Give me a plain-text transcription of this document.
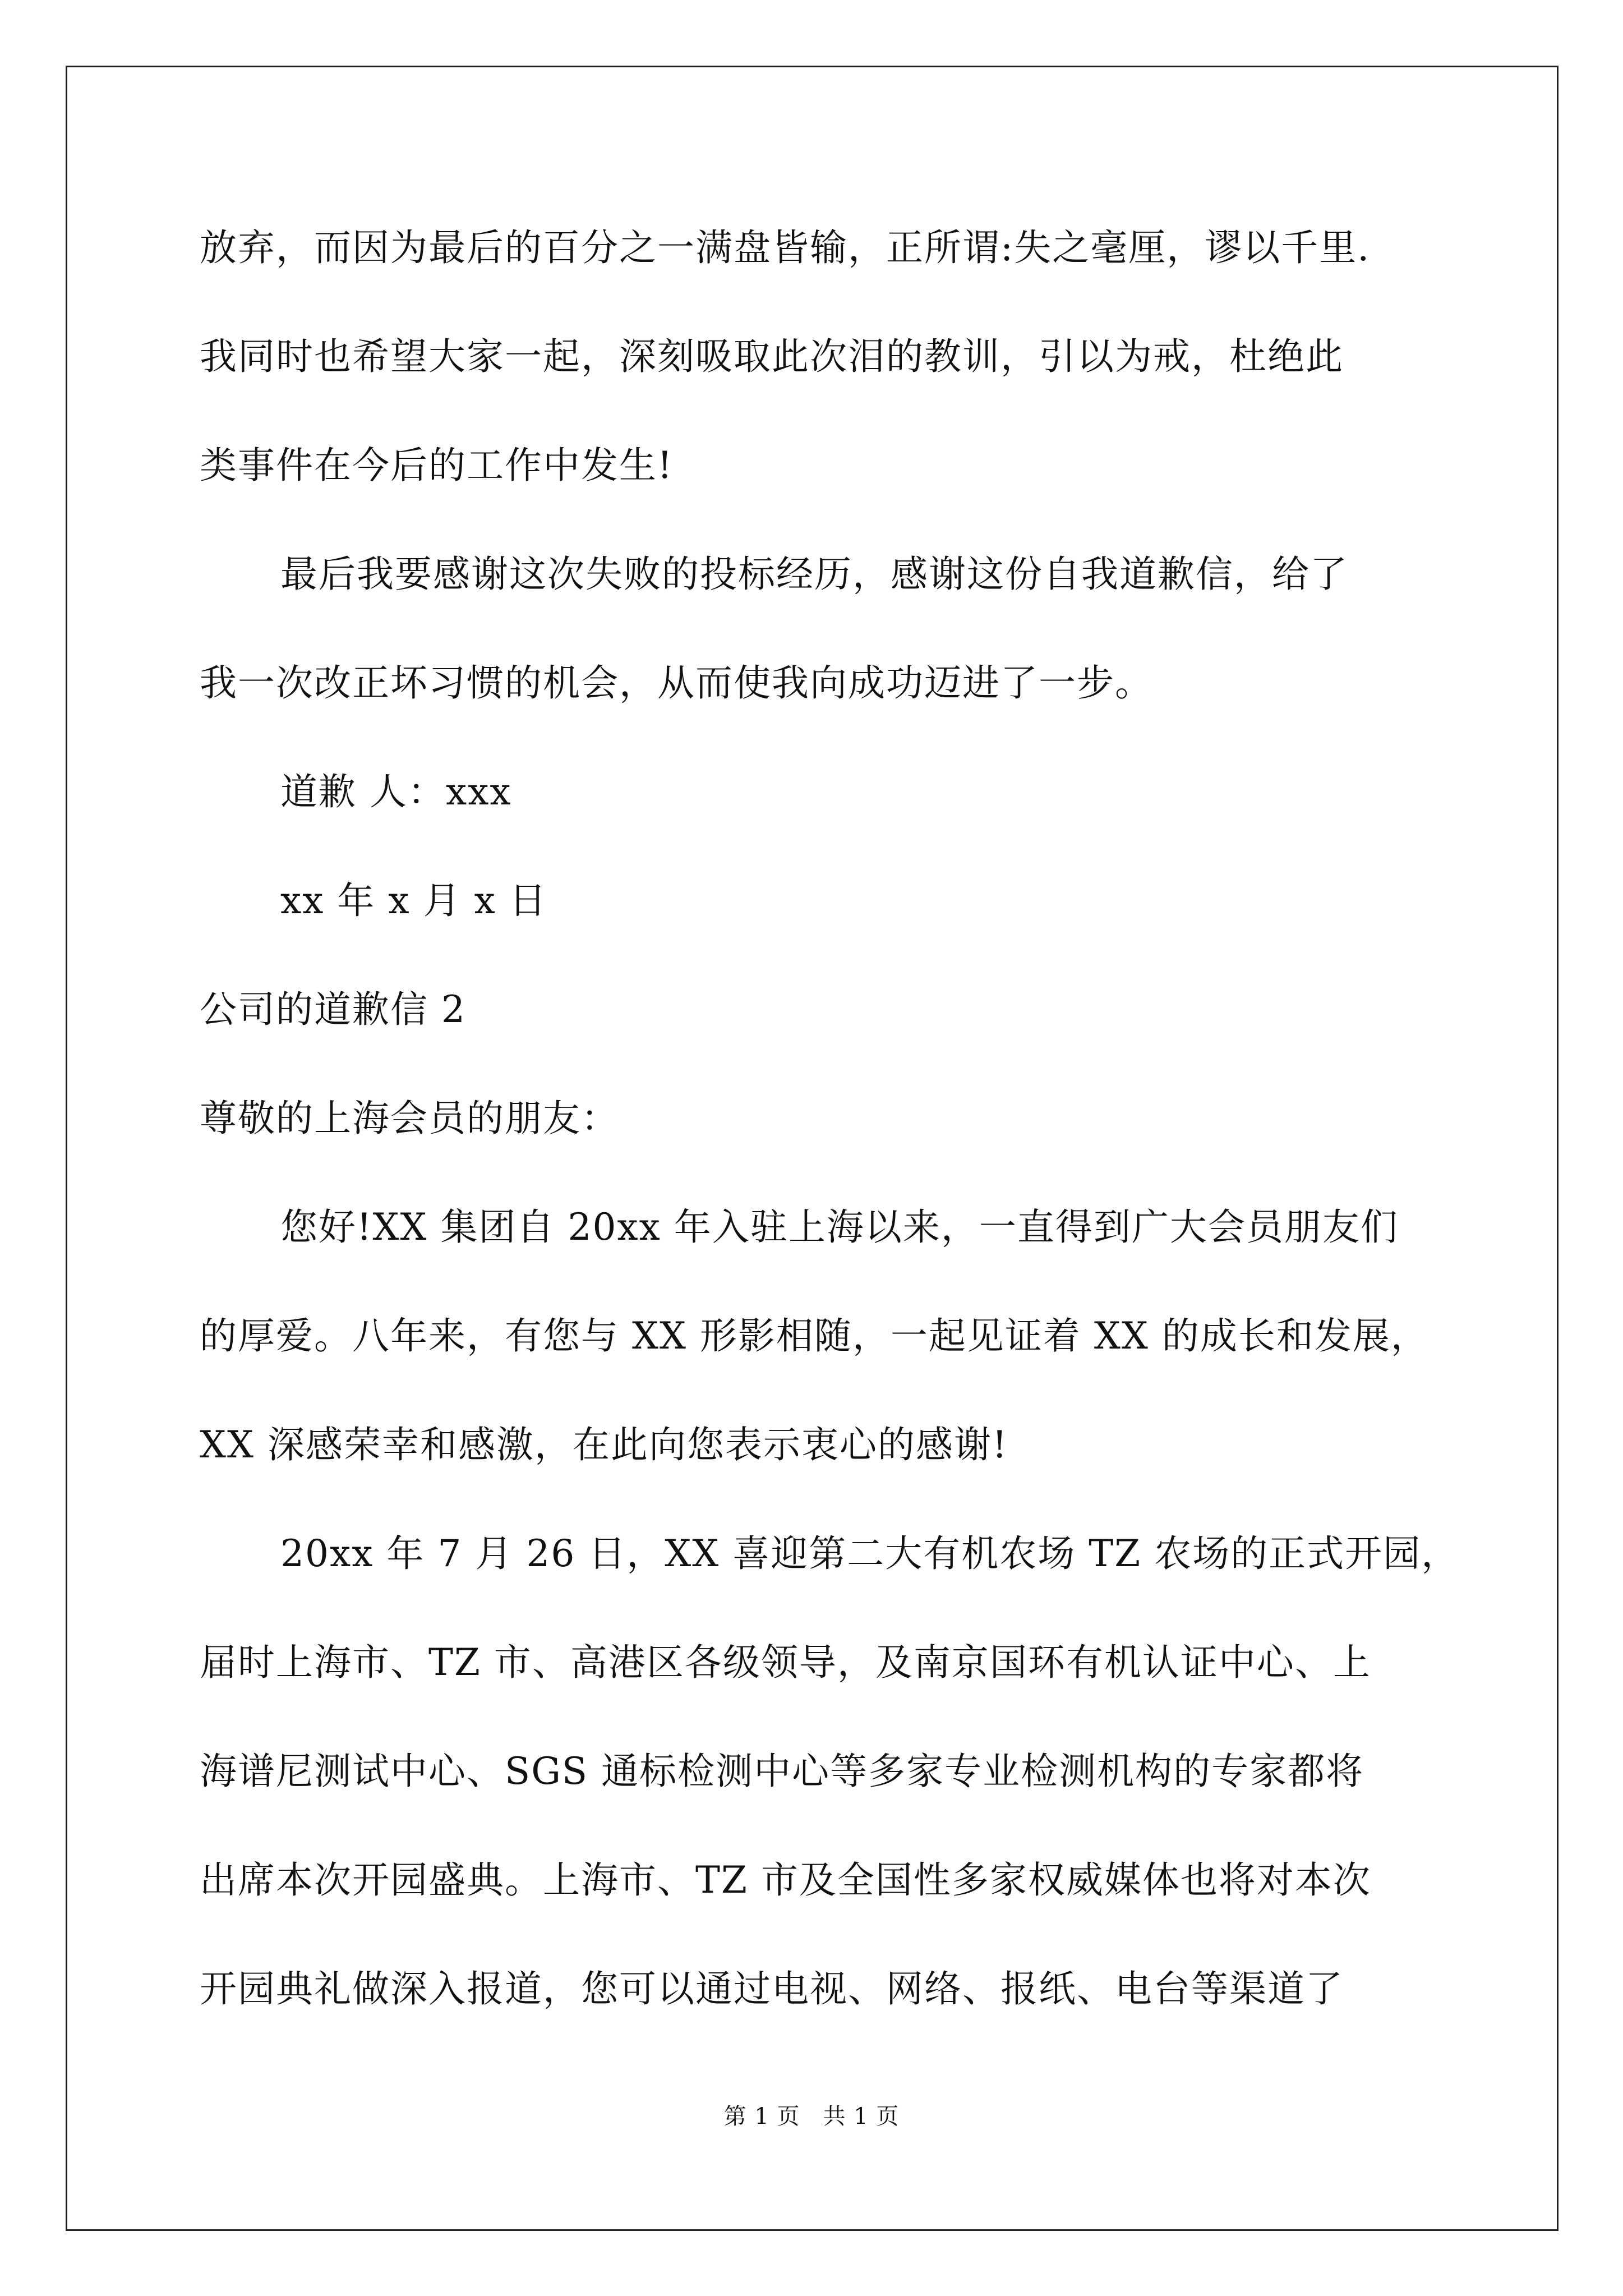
放弃，而因为最后的百分之一满盘皆输，正所谓:失之毫厘，谬以千里.
我同时也希望大家一起，深刻吸取此次泪的教训，引以为戒，杜绝此
类事件在今后的工作中发生!
最后我要感谢这次失败的投标经历，感谢这份自我道歉信，给了
我一次改正坏习惯的机会，从而使我向成功迈进了一步。
道歉 人：xxx
xx 年 x 月 x 日
公司的道歉信 2
尊敬的上海会员的朋友：
您好!XX 集团自 20xx 年入驻上海以来，一直得到广大会员朋友们
的厚爱。八年来，有您与 XX 形影相随，一起见证着 XX 的成长和发展，
XX 深感荣幸和感激，在此向您表示衷心的感谢!
20xx 年 7 月 26 日，XX 喜迎第二大有机农场 TZ 农场的正式开园，
届时上海市、TZ 市、高港区各级领导，及南京国环有机认证中心、上
海谱尼测试中心、SGS 通标检测中心等多家专业检测机构的专家都将
出席本次开园盛典。上海市、TZ 市及全国性多家权威媒体也将对本次
开园典礼做深入报道，您可以通过电视、网络、报纸、电台等渠道了
第 1 页　共 1 页
